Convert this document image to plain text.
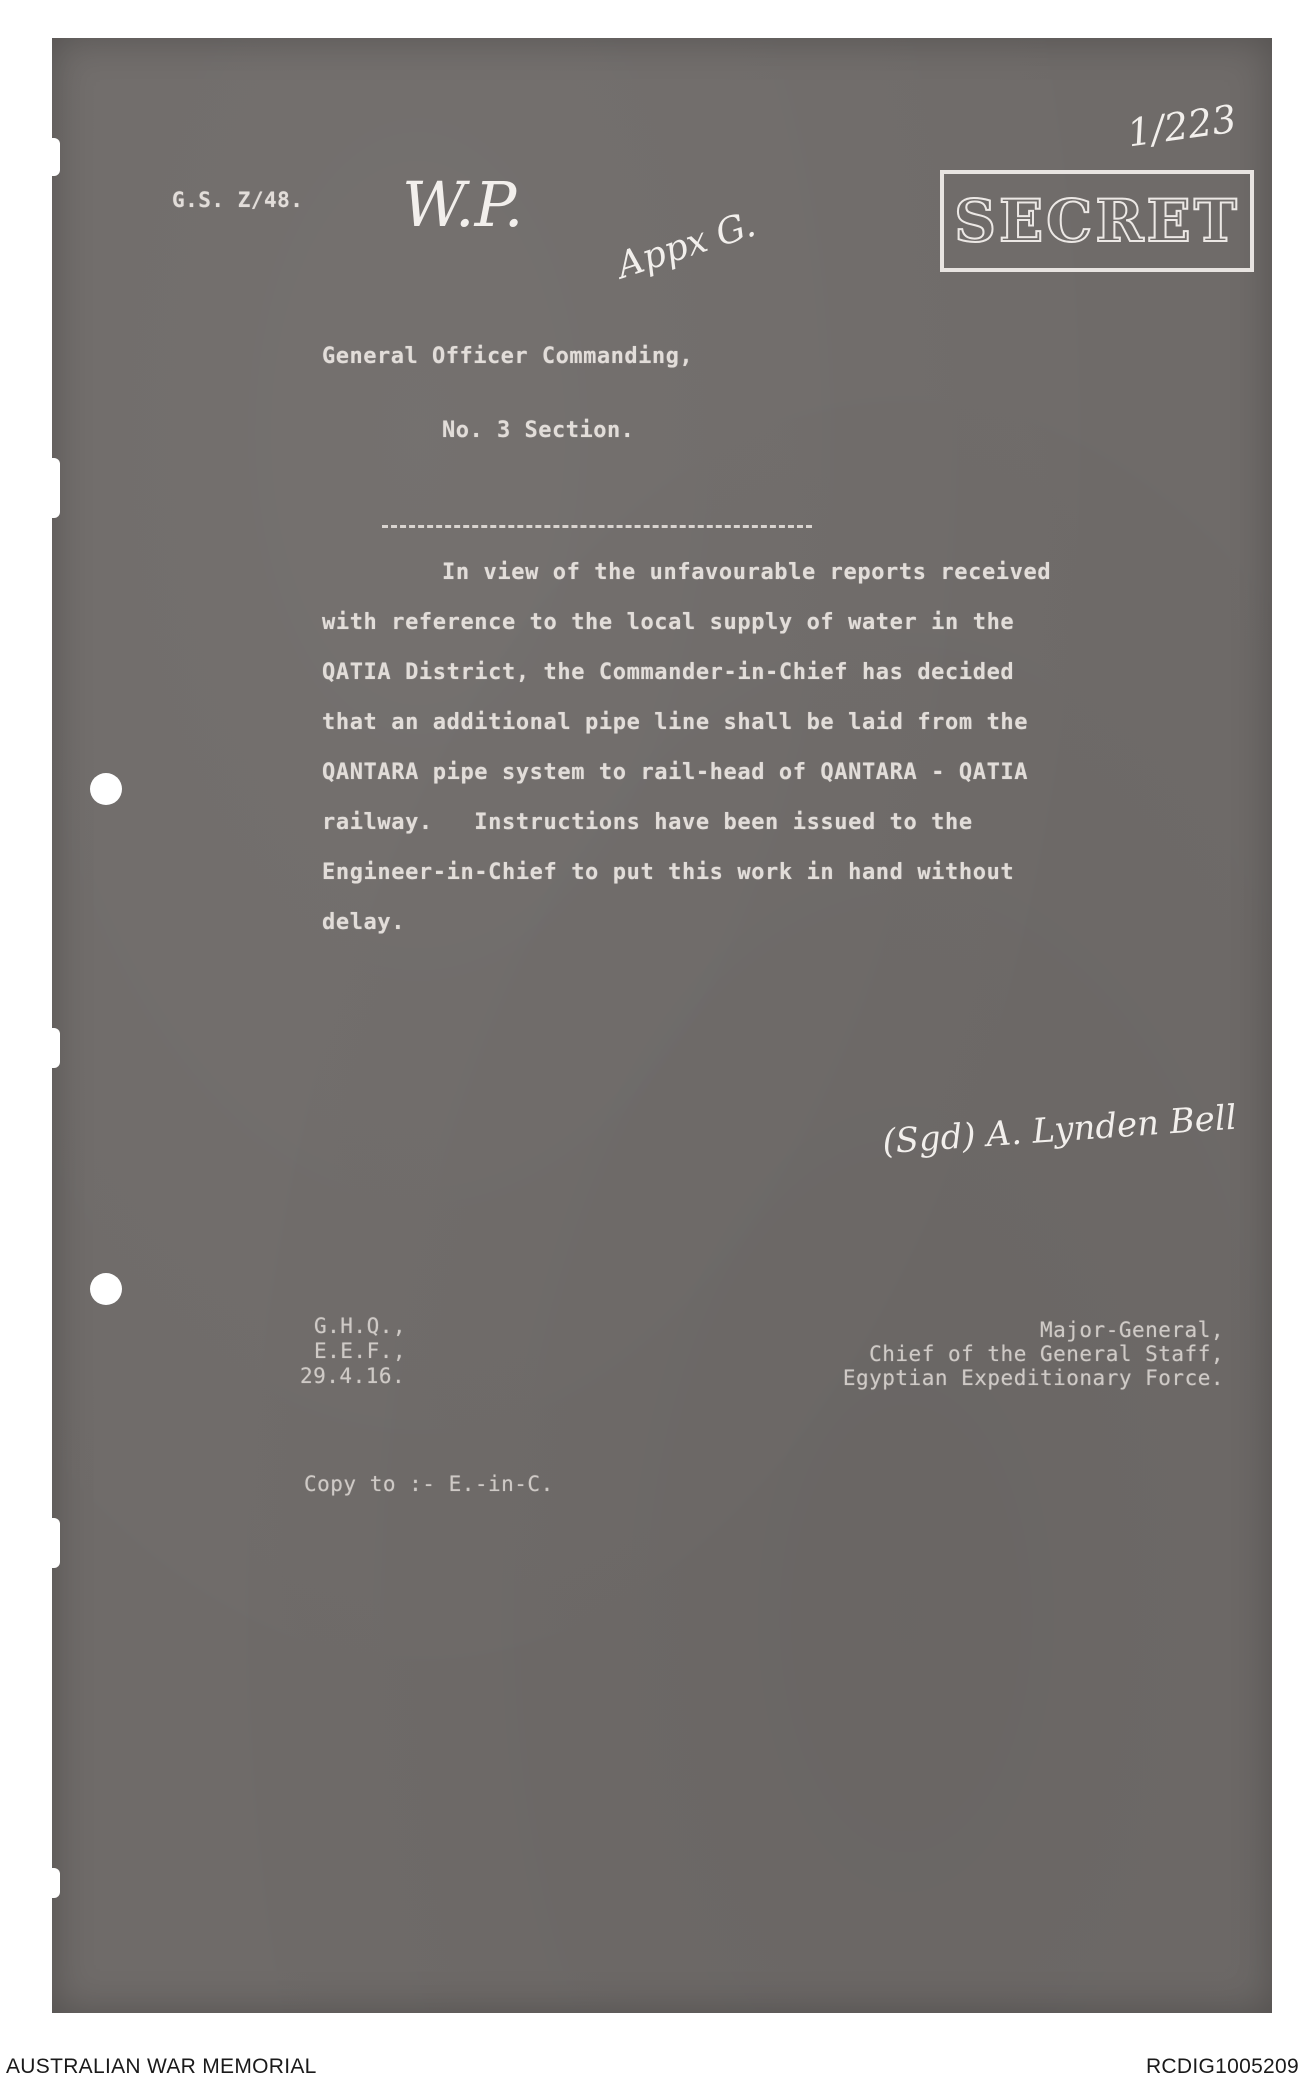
G.S. Z/48. W.P. Appx G.
1/223
SECRET
General Officer Commanding,
No. 3 Section.
In view of the unfavourable reports received
with reference to the local supply of water in the
QATIA District, the Commander-in-Chief has decided
that an additional pipe line shall be laid from the
QANTARA pipe system to rail-head of QANTARA - QATIA
railway.   Instructions have been issued to the
Engineer-in-Chief to put this work in hand without
delay.
(Sgd) A. Lynden Bell
G.H.Q.,
E.E.F.,
29.4.16.
Major-General,
Chief of the General Staff,
Egyptian Expeditionary Force.
Copy to :- E.-in-C.
AUSTRALIAN WAR MEMORIAL	RCDIG1005209
